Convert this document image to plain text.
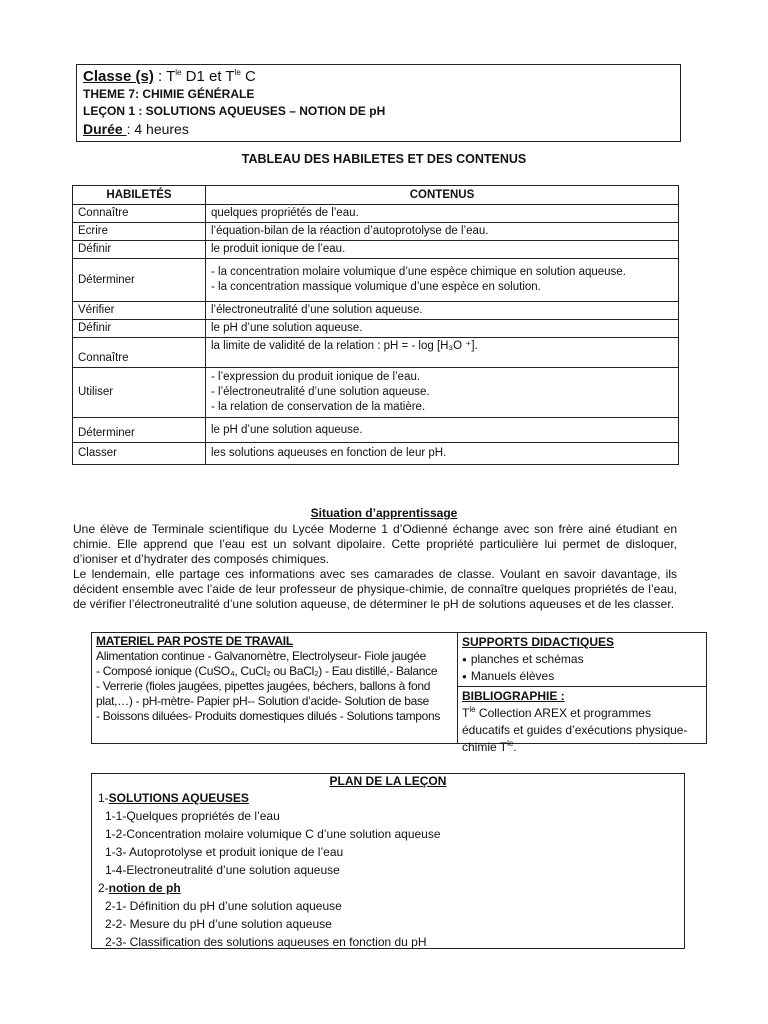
Classe (s) : $T^{le}$ D1 et $T^{le}$ C
THEME 7: CHIMIE GÉNÉRALE
LEÇON 1 : SOLUTIONS AQUEUSES – NOTION DE pH
Durée : 4 heures
TABLEAU DES HABILETES ET DES CONTENUS
HABILETÉS	CONTENUS
Connaître	quelques propriétés de l’eau.

Ecrire	l’équation-bilan de la réaction d’autoprotolyse de l’eau.

Définir	le produit ionique de l’eau.

Déterminer	- la concentration molaire volumique d’une espèce chimique en solution aqueuse.
- la concentration massique volumique d’une espèce en solution.

Vérifier	l’électroneutralité d’une solution aqueuse.

Définir	le pH d’une solution aqueuse.

Connaître	la limite de validité de la relation : pH = - log [H₃O ⁺].

Utiliser	- l’expression du produit ionique de l’eau.
- l’électroneutralité d’une solution aqueuse.
- la relation de conservation de la matière.

Déterminer	le pH d’une solution aqueuse.

Classer	les solutions aqueuses en fonction de leur pH.
Situation d’apprentissage

Une élève de Terminale scientifique du Lycée Moderne 1 d’Odienné échange avec son frère ainé étudiant en chimie. Elle apprend que l’eau est un solvant dipolaire. Cette propriété particulière lui permet de disloquer, d’ioniser et d’hydrater des composés chimiques.

Le lendemain, elle partage ces informations avec ses camarades de classe. Voulant en savoir davantage, ils décident ensemble avec l’aide de leur professeur de physique-chimie, de connaître quelques propriétés de l’eau, de vérifier l’électroneutralité d’une solution aqueuse, de déterminer le pH de solutions aqueuses et de les classer.

MATERIEL PAR POSTE DE TRAVAIL
Alimentation continue - Galvanomètre, Electrolyseur- Fiole jaugée
- Composé ionique (CuSO₄, CuCl₂ ou BaCl₂) - Eau distillé,- Balance
- Verrerie (fioles jaugées, pipettes jaugées, béchers, ballons à fond plat,…) - pH-mètre- Papier pH-- Solution d’acide- Solution de base
- Boissons diluées- Produits domestiques dilués - Solutions tampons
SUPPORTS DIDACTIQUES
● planches et schémas
● Manuels élèves
BIBLIOGRAPHIE :
$T^{le}$ Collection AREX et programmes éducatifs et guides d’exécutions physique-chimie $T^{le}$.
PLAN DE LA LEÇON
1-SOLUTIONS AQUEUSES
1-1-Quelques propriétés de l’eau
1-2-Concentration molaire volumique C d’une solution aqueuse
1-3- Autoprotolyse et produit ionique de l’eau
1-4-Electroneutralité d’une solution aqueuse
2-notion de ph
2-1- Définition du pH d’une solution aqueuse
2-2- Mesure du pH d’une solution aqueuse
2-3- Classification des solutions aqueuses en fonction du pH
